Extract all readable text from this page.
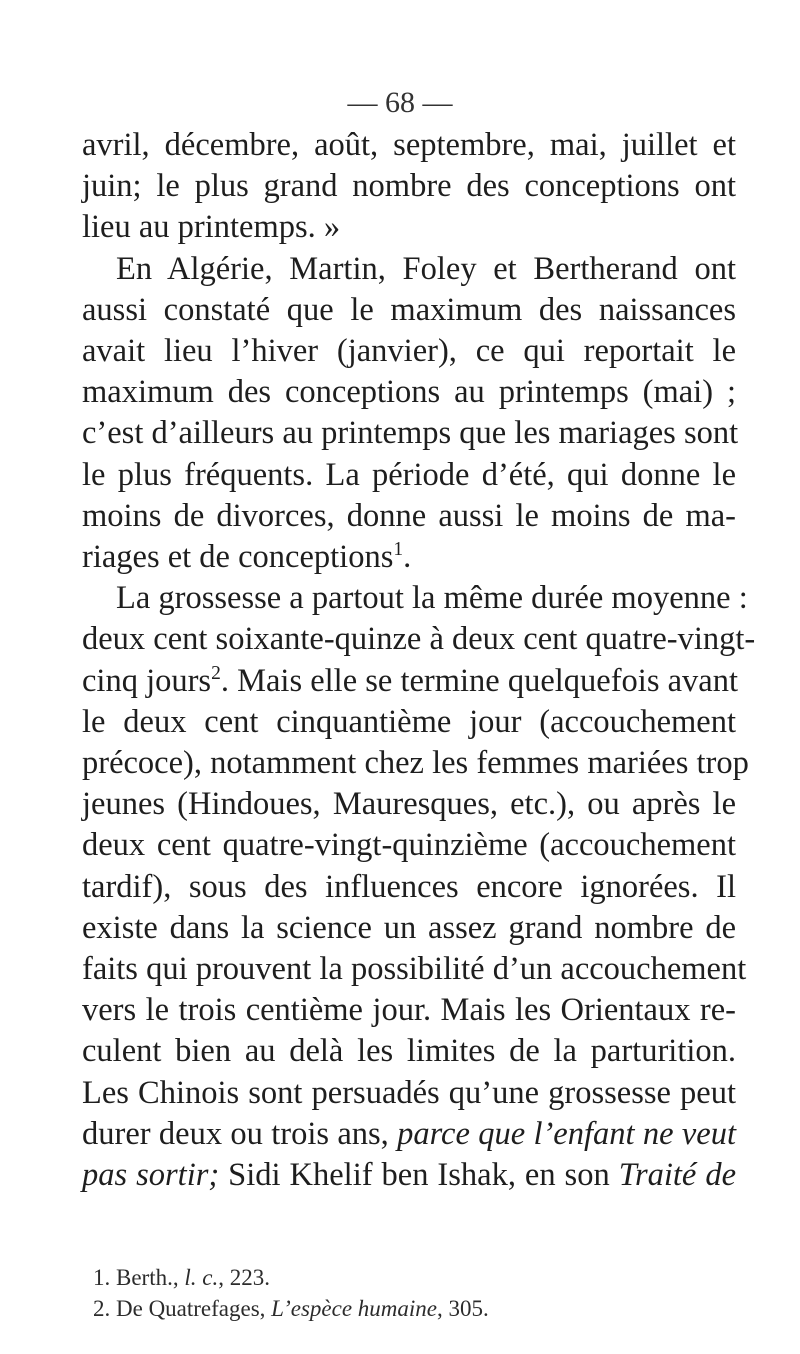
— 68 —
avril, décembre, août, septembre, mai, juillet et
juin; le plus grand nombre des conceptions ont
lieu au printemps. »
En Algérie, Martin, Foley et Bertherand ont
aussi constaté que le maximum des naissances
avait lieu l’hiver (janvier), ce qui reportait le
maximum des conceptions au printemps (mai) ;
c’est d’ailleurs au printemps que les mariages sont
le plus fréquents. La période d’été, qui donne le
moins de divorces, donne aussi le moins de ma-
riages et de conceptions$^1$.
La grossesse a partout la même durée moyenne :
deux cent soixante-quinze à deux cent quatre-vingt-
cinq jours$^2$. Mais elle se termine quelquefois avant
le deux cent cinquantième jour (accouchement
précoce), notamment chez les femmes mariées trop
jeunes (Hindoues, Mauresques, etc.), ou après le
deux cent quatre-vingt-quinzième (accouchement
tardif), sous des influences encore ignorées. Il
existe dans la science un assez grand nombre de
faits qui prouvent la possibilité d’un accouchement
vers le trois centième jour. Mais les Orientaux re-
culent bien au delà les limites de la parturition.
Les Chinois sont persuadés qu’une grossesse peut
durer deux ou trois ans, parce que l’enfant ne veut
pas sortir; Sidi Khelif ben Ishak, en son Traité de
1. Berth., l. c., 223.
2. De Quatrefages, L’espèce humaine, 305.
